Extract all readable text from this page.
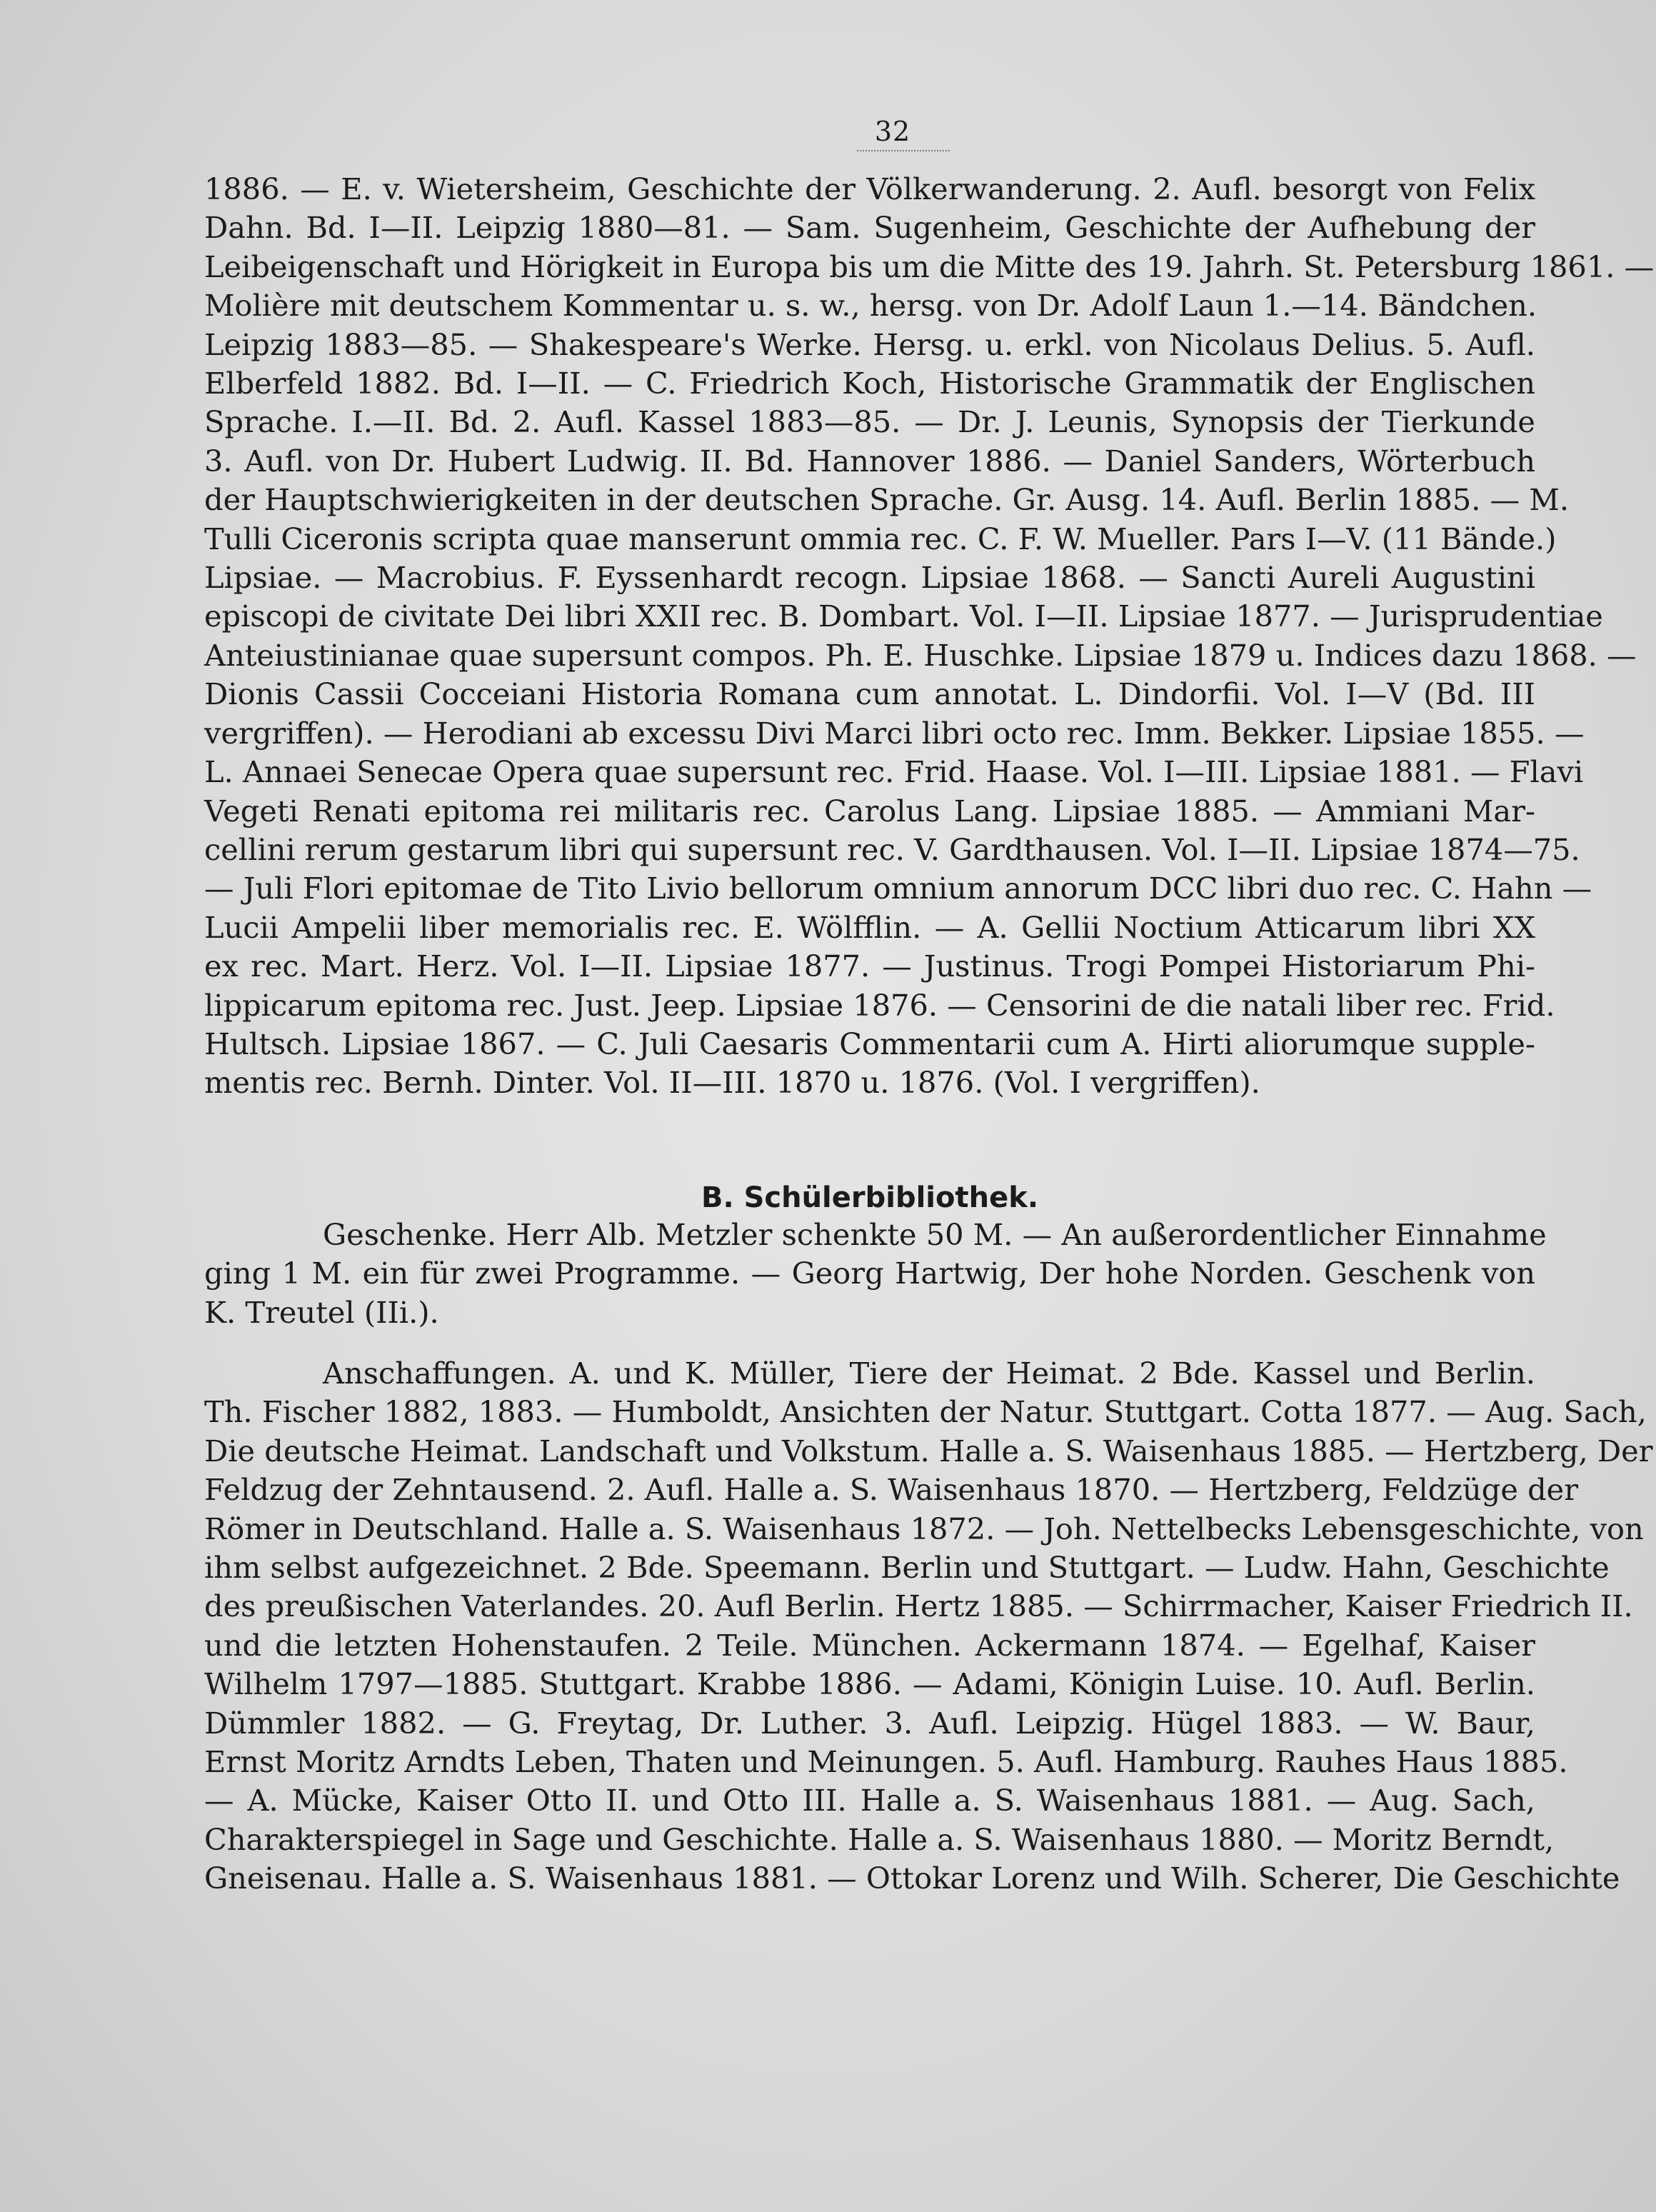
32
1886. — E. v. Wietersheim, Geschichte der Völkerwanderung. 2. Aufl. besorgt von Felix
Dahn. Bd. I—II. Leipzig 1880—81. — Sam. Sugenheim, Geschichte der Aufhebung der
Leibeigenschaft und Hörigkeit in Europa bis um die Mitte des 19. Jahrh. St. Petersburg 1861. —
Molière mit deutschem Kommentar u. s. w., hersg. von Dr. Adolf Laun 1.—14. Bändchen.
Leipzig 1883—85. — Shakespeare's Werke. Hersg. u. erkl. von Nicolaus Delius. 5. Aufl.
Elberfeld 1882. Bd. I—II. — C. Friedrich Koch, Historische Grammatik der Englischen
Sprache. I.—II. Bd. 2. Aufl. Kassel 1883—85. — Dr. J. Leunis, Synopsis der Tierkunde
3. Aufl. von Dr. Hubert Ludwig. II. Bd. Hannover 1886. — Daniel Sanders, Wörterbuch
der Hauptschwierigkeiten in der deutschen Sprache. Gr. Ausg. 14. Aufl. Berlin 1885. — M.
Tulli Ciceronis scripta quae manserunt ommia rec. C. F. W. Mueller. Pars I—V. (11 Bände.)
Lipsiae. — Macrobius. F. Eyssenhardt recogn. Lipsiae 1868. — Sancti Aureli Augustini
episcopi de civitate Dei libri XXII rec. B. Dombart. Vol. I—II. Lipsiae 1877. — Jurisprudentiae
Anteiustinianae quae supersunt compos. Ph. E. Huschke. Lipsiae 1879 u. Indices dazu 1868. —
Dionis Cassii Cocceiani Historia Romana cum annotat. L. Dindorfii. Vol. I—V (Bd. III
vergriffen). — Herodiani ab excessu Divi Marci libri octo rec. Imm. Bekker. Lipsiae 1855. —
L. Annaei Senecae Opera quae supersunt rec. Frid. Haase. Vol. I—III. Lipsiae 1881. — Flavi
Vegeti Renati epitoma rei militaris rec. Carolus Lang. Lipsiae 1885. — Ammiani Mar-
cellini rerum gestarum libri qui supersunt rec. V. Gardthausen. Vol. I—II. Lipsiae 1874—75.
— Juli Flori epitomae de Tito Livio bellorum omnium annorum DCC libri duo rec. C. Hahn —
Lucii Ampelii liber memorialis rec. E. Wölfflin. — A. Gellii Noctium Atticarum libri XX
ex rec. Mart. Herz. Vol. I—II. Lipsiae 1877. — Justinus. Trogi Pompei Historiarum Phi-
lippicarum epitoma rec. Just. Jeep. Lipsiae 1876. — Censorini de die natali liber rec. Frid.
Hultsch. Lipsiae 1867. — C. Juli Caesaris Commentarii cum A. Hirti aliorumque supple-
mentis rec. Bernh. Dinter. Vol. II—III. 1870 u. 1876. (Vol. I vergriffen).
B. Schülerbibliothek.
Geschenke. Herr Alb. Metzler schenkte 50 M. — An außerordentlicher Einnahme
ging 1 M. ein für zwei Programme. — Georg Hartwig, Der hohe Norden. Geschenk von
K. Treutel (IIi.).
Anschaffungen. A. und K. Müller, Tiere der Heimat. 2 Bde. Kassel und Berlin.
Th. Fischer 1882, 1883. — Humboldt, Ansichten der Natur. Stuttgart. Cotta 1877. — Aug. Sach,
Die deutsche Heimat. Landschaft und Volkstum. Halle a. S. Waisenhaus 1885. — Hertzberg, Der
Feldzug der Zehntausend. 2. Aufl. Halle a. S. Waisenhaus 1870. — Hertzberg, Feldzüge der
Römer in Deutschland. Halle a. S. Waisenhaus 1872. — Joh. Nettelbecks Lebensgeschichte, von
ihm selbst aufgezeichnet. 2 Bde. Speemann. Berlin und Stuttgart. — Ludw. Hahn, Geschichte
des preußischen Vaterlandes. 20. Aufl Berlin. Hertz 1885. — Schirrmacher, Kaiser Friedrich II.
und die letzten Hohenstaufen. 2 Teile. München. Ackermann 1874. — Egelhaf, Kaiser
Wilhelm 1797—1885. Stuttgart. Krabbe 1886. — Adami, Königin Luise. 10. Aufl. Berlin.
Dümmler 1882. — G. Freytag, Dr. Luther. 3. Aufl. Leipzig. Hügel 1883. — W. Baur,
Ernst Moritz Arndts Leben, Thaten und Meinungen. 5. Aufl. Hamburg. Rauhes Haus 1885.
— A. Mücke, Kaiser Otto II. und Otto III. Halle a. S. Waisenhaus 1881. — Aug. Sach,
Charakterspiegel in Sage und Geschichte. Halle a. S. Waisenhaus 1880. — Moritz Berndt,
Gneisenau. Halle a. S. Waisenhaus 1881. — Ottokar Lorenz und Wilh. Scherer, Die Geschichte
